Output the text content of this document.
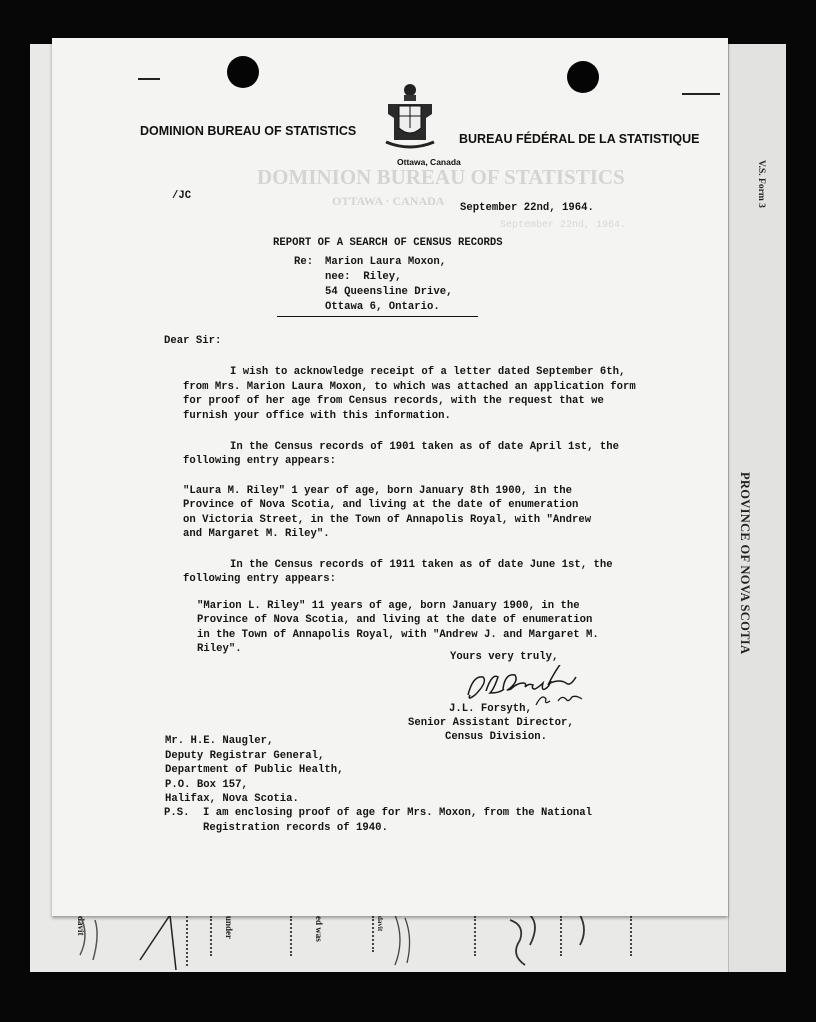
V.S. Form 3
PROVINCE OF NOVA SCOTIA
davit	under	ed was	davit
DOMINION BUREAU OF STATISTICS
OTTAWA · CANADA
September 22nd, 1964.
DOMINION BUREAU OF STATISTICS
BUREAU FÉDÉRAL DE LA STATISTIQUE
Ottawa, Canada
/JC
September 22nd, 1964.
REPORT OF A SEARCH OF CENSUS RECORDS
Re: Marion Laura Moxon,
nee:  Riley,
54 Queensline Drive,
Ottawa 6, Ontario.
Dear Sir:
I wish to acknowledge receipt of a letter dated September 6th,
from Mrs. Marion Laura Moxon, to which was attached an application form
for proof of her age from Census records, with the request that we
furnish your office with this information.
In the Census records of 1901 taken as of date April 1st, the
following entry appears:
"Laura M. Riley" 1 year of age, born January 8th 1900, in the
Province of Nova Scotia, and living at the date of enumeration
on Victoria Street, in the Town of Annapolis Royal, with "Andrew
and Margaret M. Riley".
In the Census records of 1911 taken as of date June 1st, the
following entry appears:
"Marion L. Riley" 11 years of age, born January 1900, in the
Province of Nova Scotia, and living at the date of enumeration
in the Town of Annapolis Royal, with "Andrew J. and Margaret M.
Riley".
Yours very truly,
J.L. Forsyth,
Senior Assistant Director,
Census Division.
Mr. H.E. Naugler,
Deputy Registrar General,
Department of Public Health,
P.O. Box 157,
Halifax, Nova Scotia.
P.S. I am enclosing proof of age for Mrs. Moxon, from the National
Registration records of 1940.
